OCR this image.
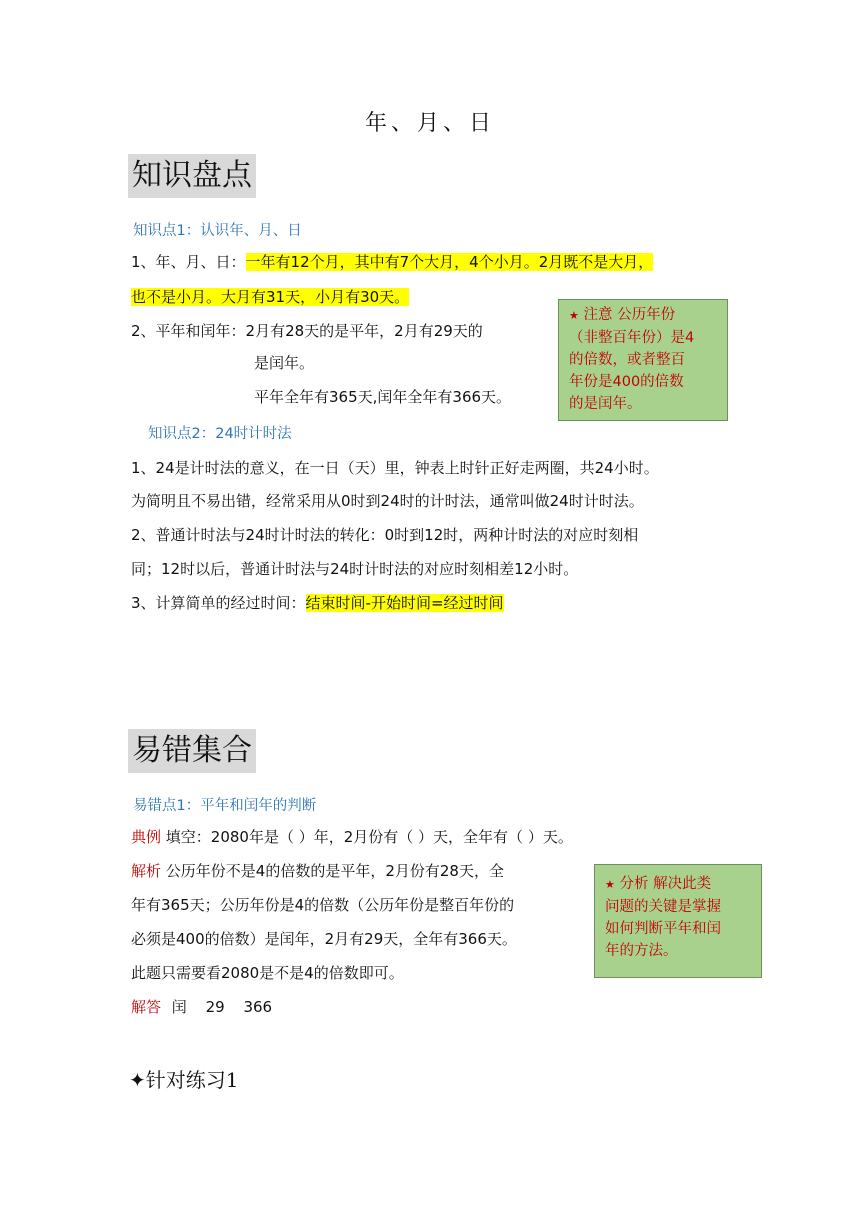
年、月、日
知识盘点
知识点1：认识年、月、日
1、年、月、日：一年有12个月，其中有7个大月，4个小月。2月既不是大月，
也不是小月。大月有31天，小月有30天。
2、平年和闰年：2月有28天的是平年，2月有29天的
是闰年。
平年全年有365天,闰年全年有366天。
★ 注意 公历年份
（非整百年份）是4
的倍数，或者整百
年份是400的倍数
的是闰年。
知识点2：24时计时法
1、24是计时法的意义，在一日（天）里，钟表上时针正好走两圈，共24小时。
为简明且不易出错，经常采用从0时到24时的计时法，通常叫做24时计时法。
2、普通计时法与24时计时法的转化：0时到12时，两种计时法的对应时刻相
同；12时以后，普通计时法与24时计时法的对应时刻相差12小时。
3、计算简单的经过时间：结束时间-开始时间=经过时间
易错集合
易错点1：平年和闰年的判断
典例 填空：2080年是（ ）年，2月份有（ ）天，全年有（ ）天。
解析 公历年份不是4的倍数的是平年，2月份有28天，全
年有365天；公历年份是4的倍数（公历年份是整百年份的
必须是400的倍数）是闰年，2月有29天，全年有366天。
此题只需要看2080是不是4的倍数即可。
★ 分析 解决此类
问题的关键是掌握
如何判断平年和闰
年的方法。
解答 闰 29 366
✦针对练习1
